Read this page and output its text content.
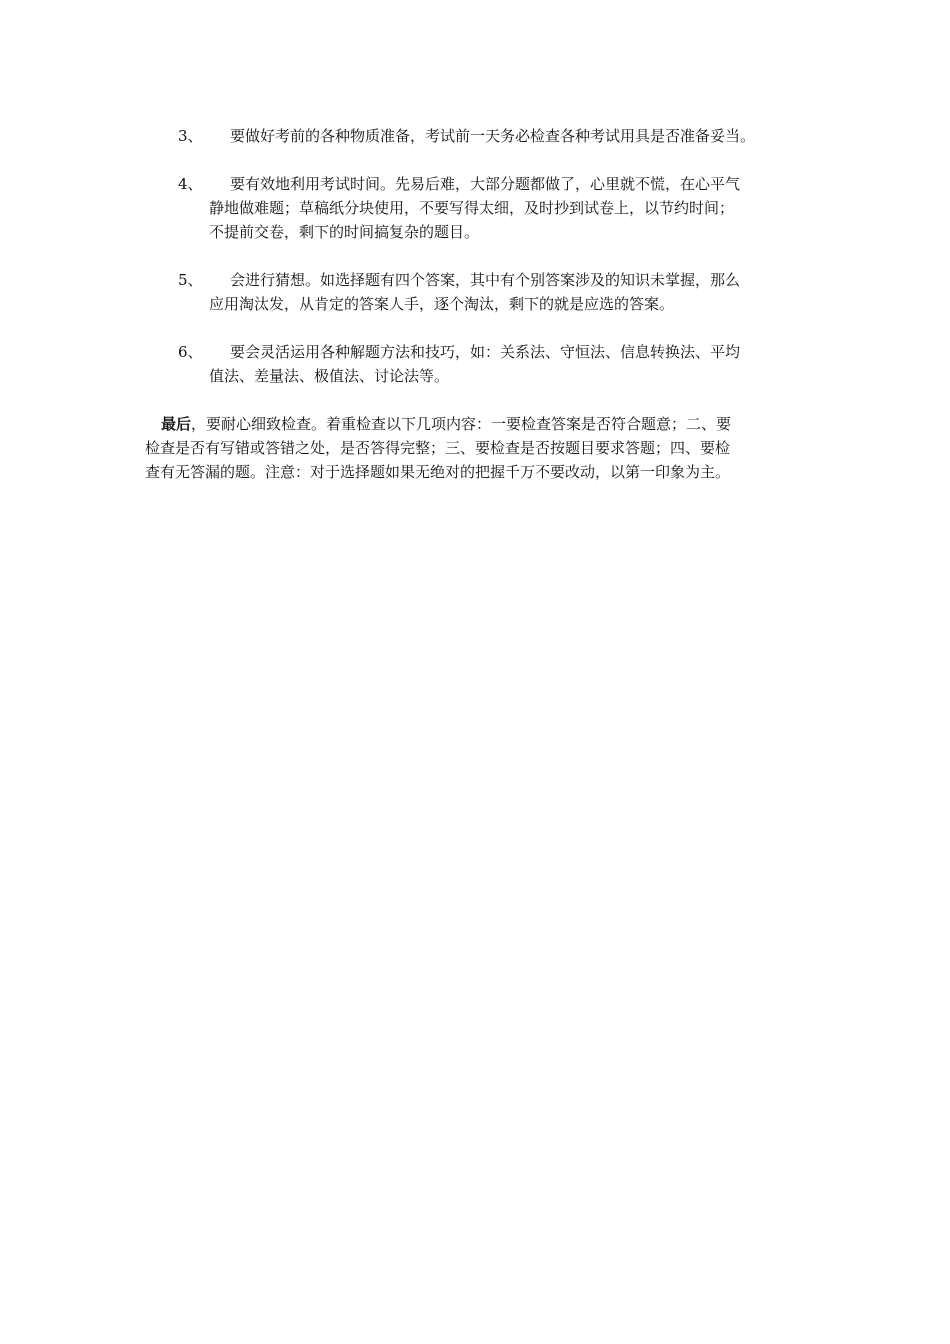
3、 要做好考前的各种物质准备，考试前一天务必检查各种考试用具是否准备妥当。
4、 要有效地利用考试时间。先易后难，大部分题都做了，心里就不慌，在心平气
静地做难题；草稿纸分块使用，不要写得太细，及时抄到试卷上，以节约时间；
不提前交卷，剩下的时间搞复杂的题目。
5、 会进行猜想。如选择题有四个答案，其中有个别答案涉及的知识未掌握，那么
应用淘汰发，从肯定的答案人手，逐个淘汰，剩下的就是应选的答案。
6、 要会灵活运用各种解题方法和技巧，如：关系法、守恒法、信息转换法、平均
值法、差量法、极值法、讨论法等。
最后，要耐心细致检查。着重检查以下几项内容：一要检查答案是否符合题意；二、要
检查是否有写错或答错之处，是否答得完整；三、要检查是否按题目要求答题；四、要检
查有无答漏的题。注意：对于选择题如果无绝对的把握千万不要改动，以第一印象为主。
